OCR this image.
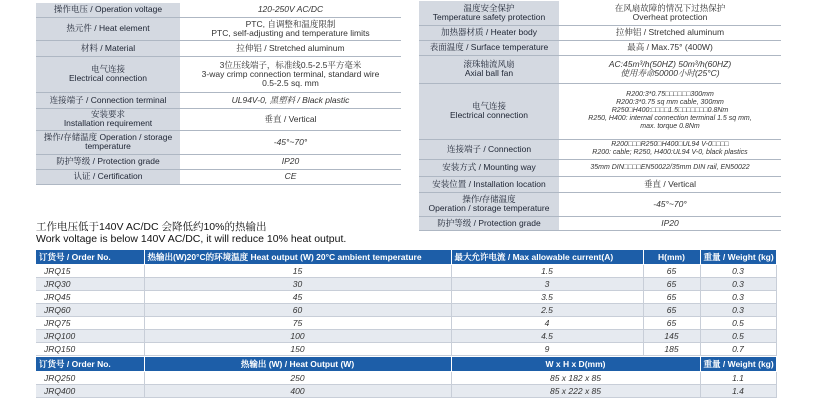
操作电压 / Operation voltage	120-250V AC/DC
热元件 / Heat element	PTC, 自调整和温度限制
PTC, self-adjusting and temperature limits
材料 / Material	拉伸铝 / Stretched aluminum
电气连接
Electrical connection	3位压线端子，标准线0.5-2.5平方毫米
3-way crimp connection terminal, standard wire
0.5-2.5 sq. mm
连接端子 / Connection terminal	UL94V-0, 黑塑料 / Black plastic
安装要求
Installation requirement	垂直 / Vertical
操作/存储温度 Operation / storage
temperature	-45°~70°
防护等级 / Protection grade	IP20
认证 / Certification	CE
温度安全保护
Temperature safety protection	在风扇故障的情况下过热保护
Overheat protection
加热器材质 / Heater body	拉伸铝 / Stretched aluminum
表面温度 / Surface temperature	最高 / Max.75° (400W)
滚珠轴流风扇
Axial ball fan	AC:45m³/h(50HZ) 50m³/h(60HZ)
使用寿命50000小时(25°C)
电气连接
Electrical connection	R200:3*0.75□□□□□□300mm
R200:3*0.75 sq mm cable, 300mm
R250□H400:□□□□1.5□□□□□□□0.8Nm
R250, H400: internal connection terminal 1.5 sq mm,
max. torque 0.8Nm
连接端子 / Connection	R200□□□R250□H400□UL94 V-0□□□□
R200: cable; R250, H400:UL94 V-0, black plastics
安装方式 / Mounting way	35mm DIN□□□□EN50022/35mm DIN rail, EN50022
安装位置 / Installation location	垂直 / Vertical
操作/存储温度
Operation / storage temperature	-45°~70°
防护等级 / Protection grade	IP20
工作电压低于140V AC/DC 会降低约10%的热输出
Work voltage is below 140V AC/DC, it will reduce 10% heat output.
订货号 / Order No.	热输出(W)20°C的环境温度 Heat output (W) 20°C ambient temperature	最大允许电流 / Max allowable current(A)	H(mm)	重量 / Weight (kg)
JRQ15	15	1.5	65	0.3
JRQ30	30	3	65	0.3
JRQ45	45	3.5	65	0.3
JRQ60	60	2.5	65	0.3
JRQ75	75	4	65	0.5
JRQ100	100	4.5	145	0.5
JRQ150	150	9	185	0.7
订货号 / Order No.	热输出 (W) / Heat Output (W)	W x H x D(mm)	重量 / Weight (kg)
JRQ250	250	85 x 182 x 85	1.1
JRQ400	400	85 x 222 x 85	1.4
